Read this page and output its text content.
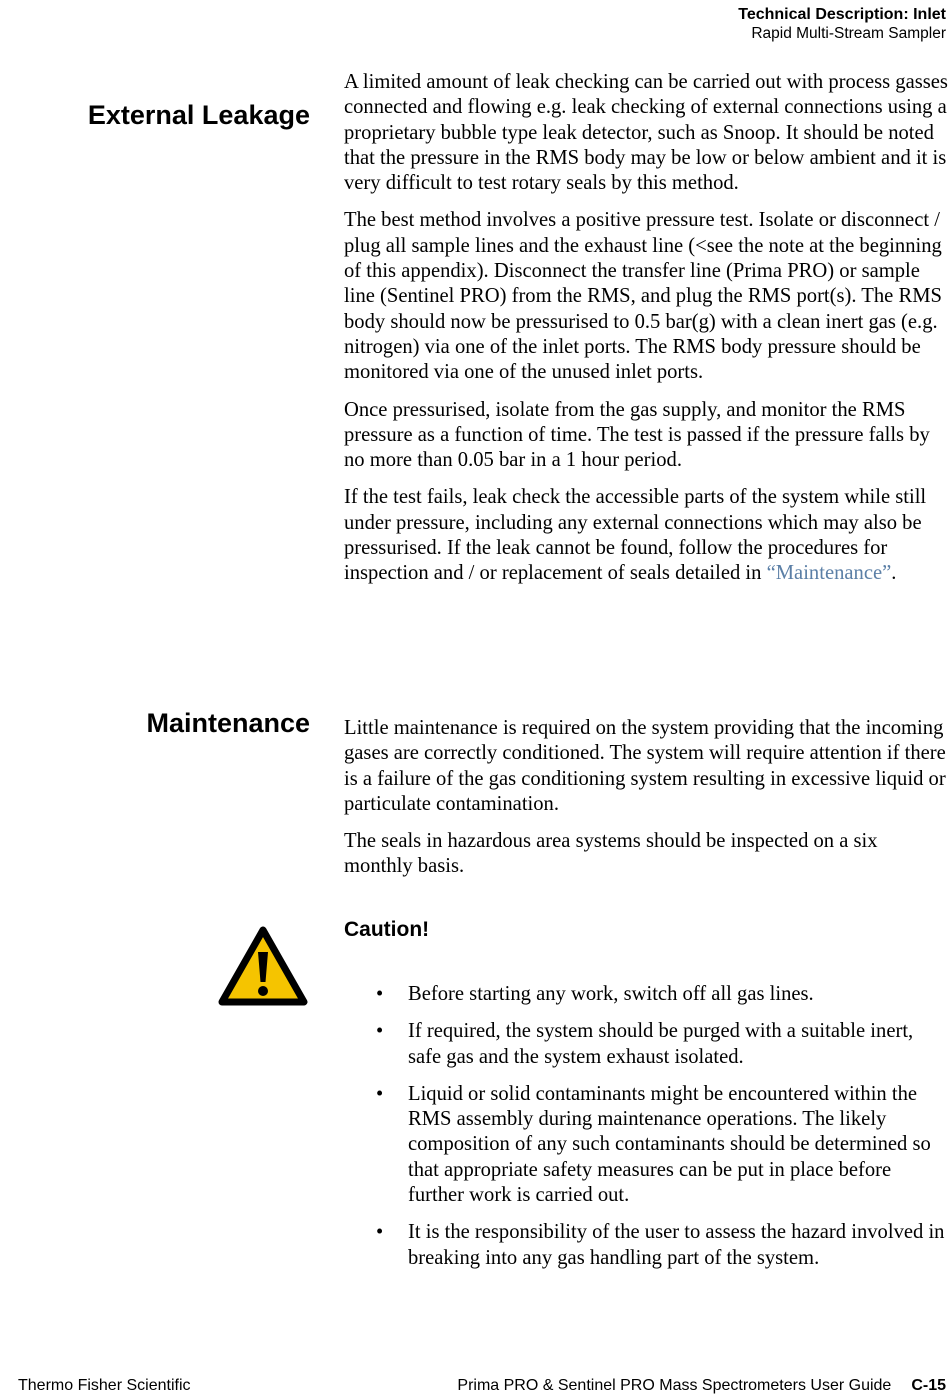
Technical Description: Inlet
Rapid Multi-Stream Sampler
External Leakage

A limited amount of leak checking can be carried out with process gasses connected and flowing e.g. leak checking of external connections using a proprietary bubble type leak detector, such as Snoop. It should be noted that the pressure in the RMS body may be low or below ambient and it is very difficult to test rotary seals by this method.

The best method involves a positive pressure test. Isolate or disconnect / plug all sample lines and the exhaust line (<see the note at the beginning of this appendix). Disconnect the transfer line (Prima PRO) or sample line (Sentinel PRO) from the RMS, and plug the RMS port(s). The RMS body should now be pressurised to 0.5 bar(g) with a clean inert gas (e.g. nitrogen) via one of the inlet ports. The RMS body pressure should be monitored via one of the unused inlet ports.

Once pressurised, isolate from the gas supply, and monitor the RMS pressure as a function of time. The test is passed if the pressure falls by no more than 0.05 bar in a 1 hour period.

If the test fails, leak check the accessible parts of the system while still under pressure, including any external connections which may also be pressurised. If the leak cannot be found, follow the procedures for inspection and / or replacement of seals detailed in “Maintenance”.

Maintenance Little maintenance is required on the system providing that the incoming gases are correctly conditioned. The system will require attention if there is a failure of the gas conditioning system resulting in excessive liquid or particulate contamination.

The seals in hazardous area systems should be inspected on a six monthly basis.

Caution!
• Before starting any work, switch off all gas lines.
• If required, the system should be purged with a suitable inert, safe gas and the system exhaust isolated.
• Liquid or solid contaminants might be encountered within the RMS assembly during maintenance operations. The likely composition of any such contaminants should be determined so that appropriate safety measures can be put in place before further work is carried out.
• It is the responsibility of the user to assess the hazard involved in breaking into any gas handling part of the system.
Thermo Fisher Scientific	Prima PRO & Sentinel PRO Mass Spectrometers User Guide C-15
